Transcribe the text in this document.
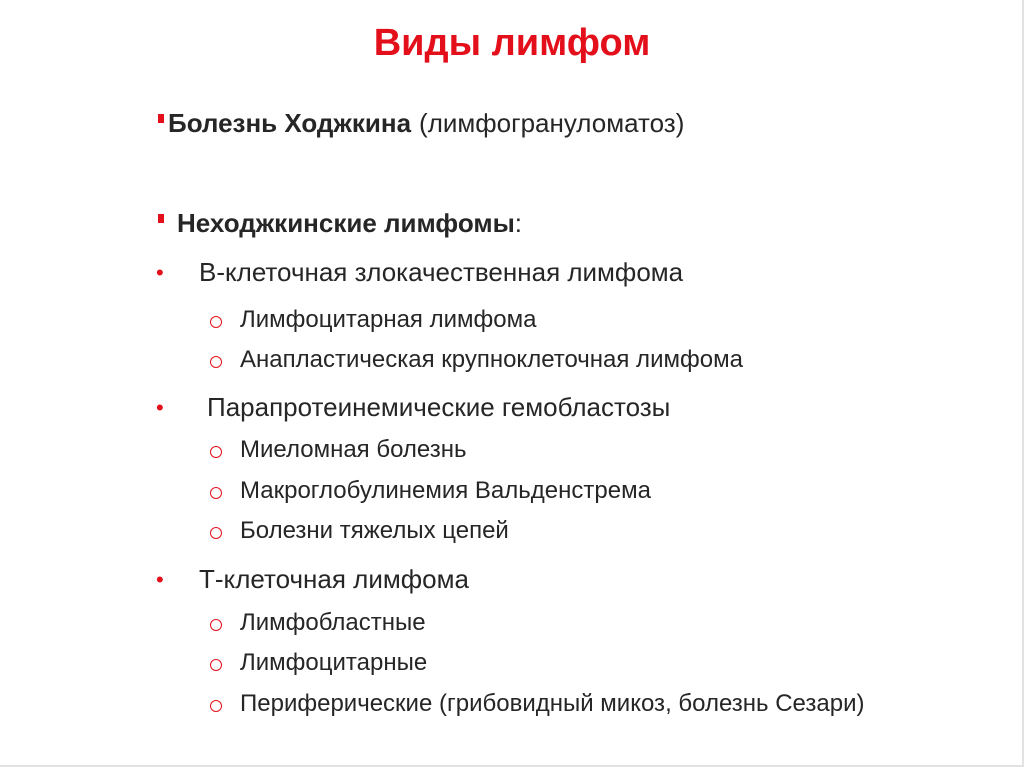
Виды лимфом
Болезнь Ходжкина (лимфогрануломатоз)
Неходжкинские лимфомы :
•	В-клеточная злокачественная лимфома
Лимфоцитарная лимфома
Анапластическая крупноклеточная лимфома
•	Парапротеинемические гемобластозы
Миеломная болезнь
Макроглобулинемия Вальденстрема
Болезни тяжелых цепей
•	Т-клеточная лимфома
Лимфобластные
Лимфоцитарные
Периферические (грибовидный микоз, болезнь Сезари)
